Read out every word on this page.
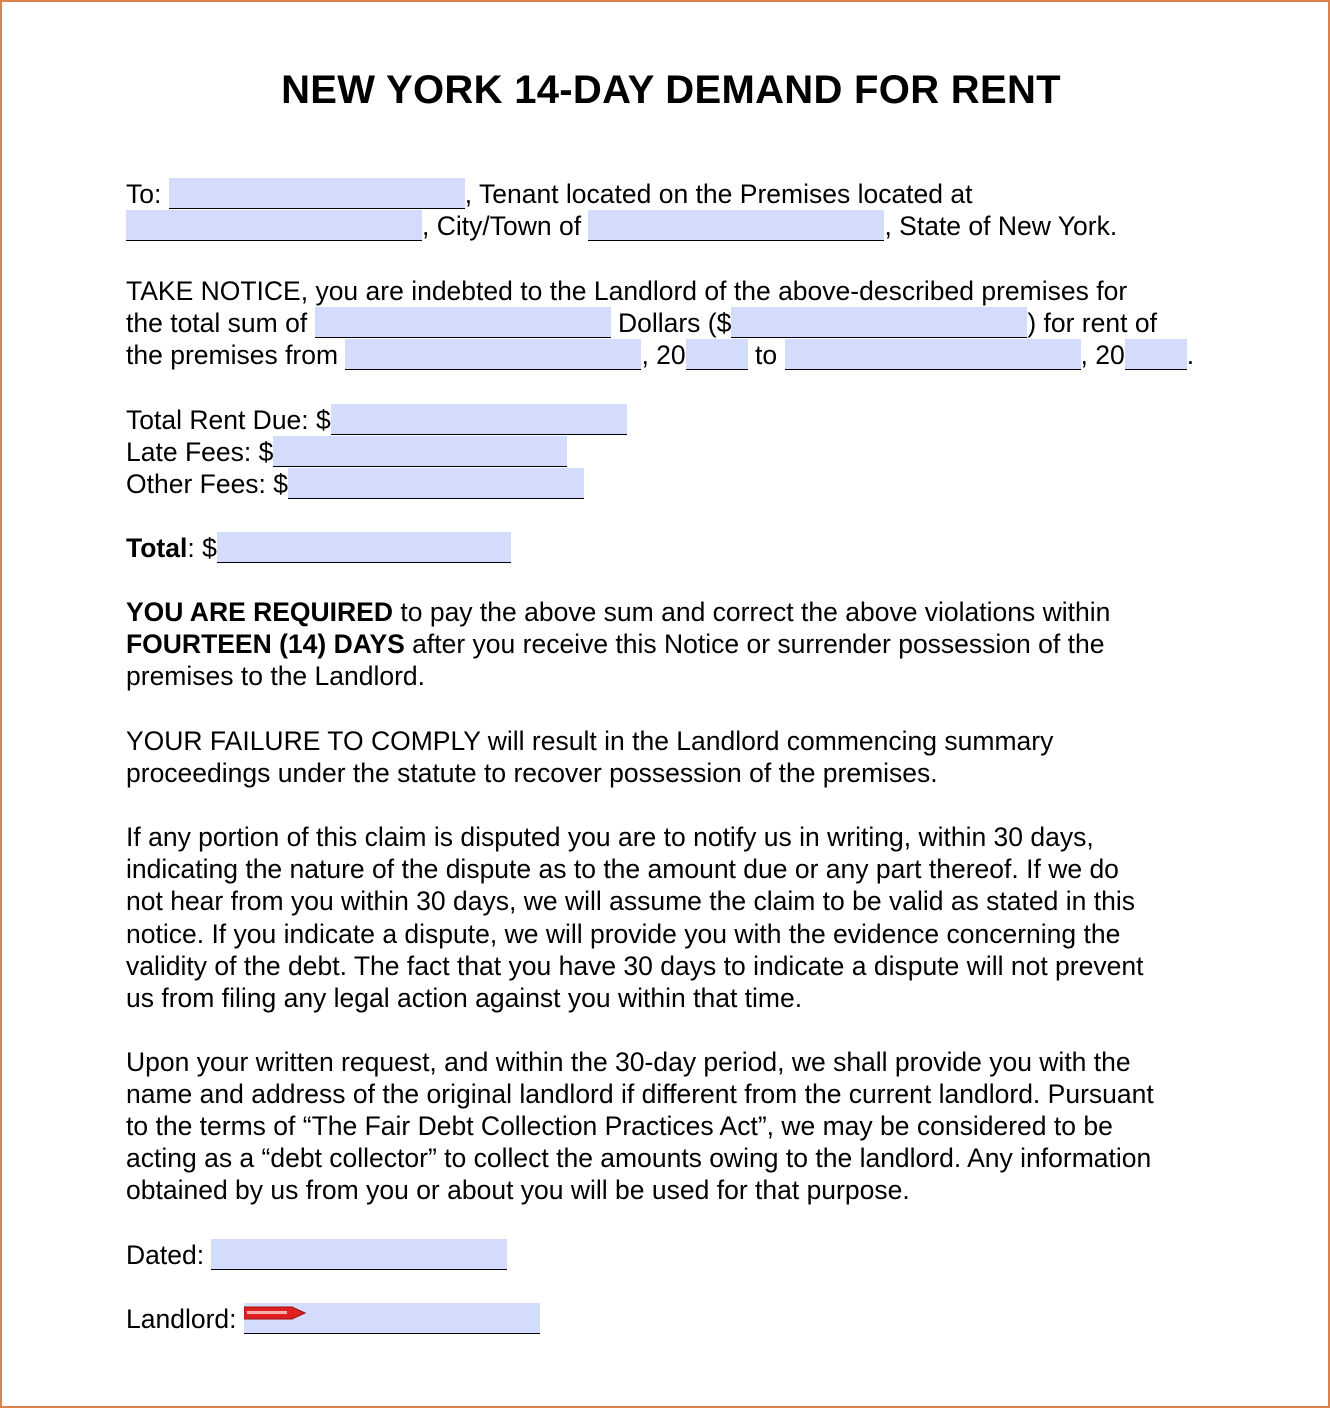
NEW YORK 14-DAY DEMAND FOR RENT
To:	, Tenant located on the Premises located at
, City/Town of	, State of New York.
TAKE NOTICE, you are indebted to the Landlord of the above-described premises for
the total sum of	Dollars ($	) for rent of
the premises from	, 20	to	, 20 .
Total Rent Due: $
Late Fees: $
Other Fees: $
Total: $
YOU ARE REQUIRED to pay the above sum and correct the above violations within
FOURTEEN (14) DAYS after you receive this Notice or surrender possession of the
premises to the Landlord.
YOUR FAILURE TO COMPLY will result in the Landlord commencing summary
proceedings under the statute to recover possession of the premises.
If any portion of this claim is disputed you are to notify us in writing, within 30 days,
indicating the nature of the dispute as to the amount due or any part thereof. If we do
not hear from you within 30 days, we will assume the claim to be valid as stated in this
notice. If you indicate a dispute, we will provide you with the evidence concerning the
validity of the debt. The fact that you have 30 days to indicate a dispute will not prevent
us from filing any legal action against you within that time.
Upon your written request, and within the 30-day period, we shall provide you with the
name and address of the original landlord if different from the current landlord. Pursuant
to the terms of “The Fair Debt Collection Practices Act”, we may be considered to be
acting as a “debt collector” to collect the amounts owing to the landlord. Any information
obtained by us from you or about you will be used for that purpose.
Dated:
Landlord:
